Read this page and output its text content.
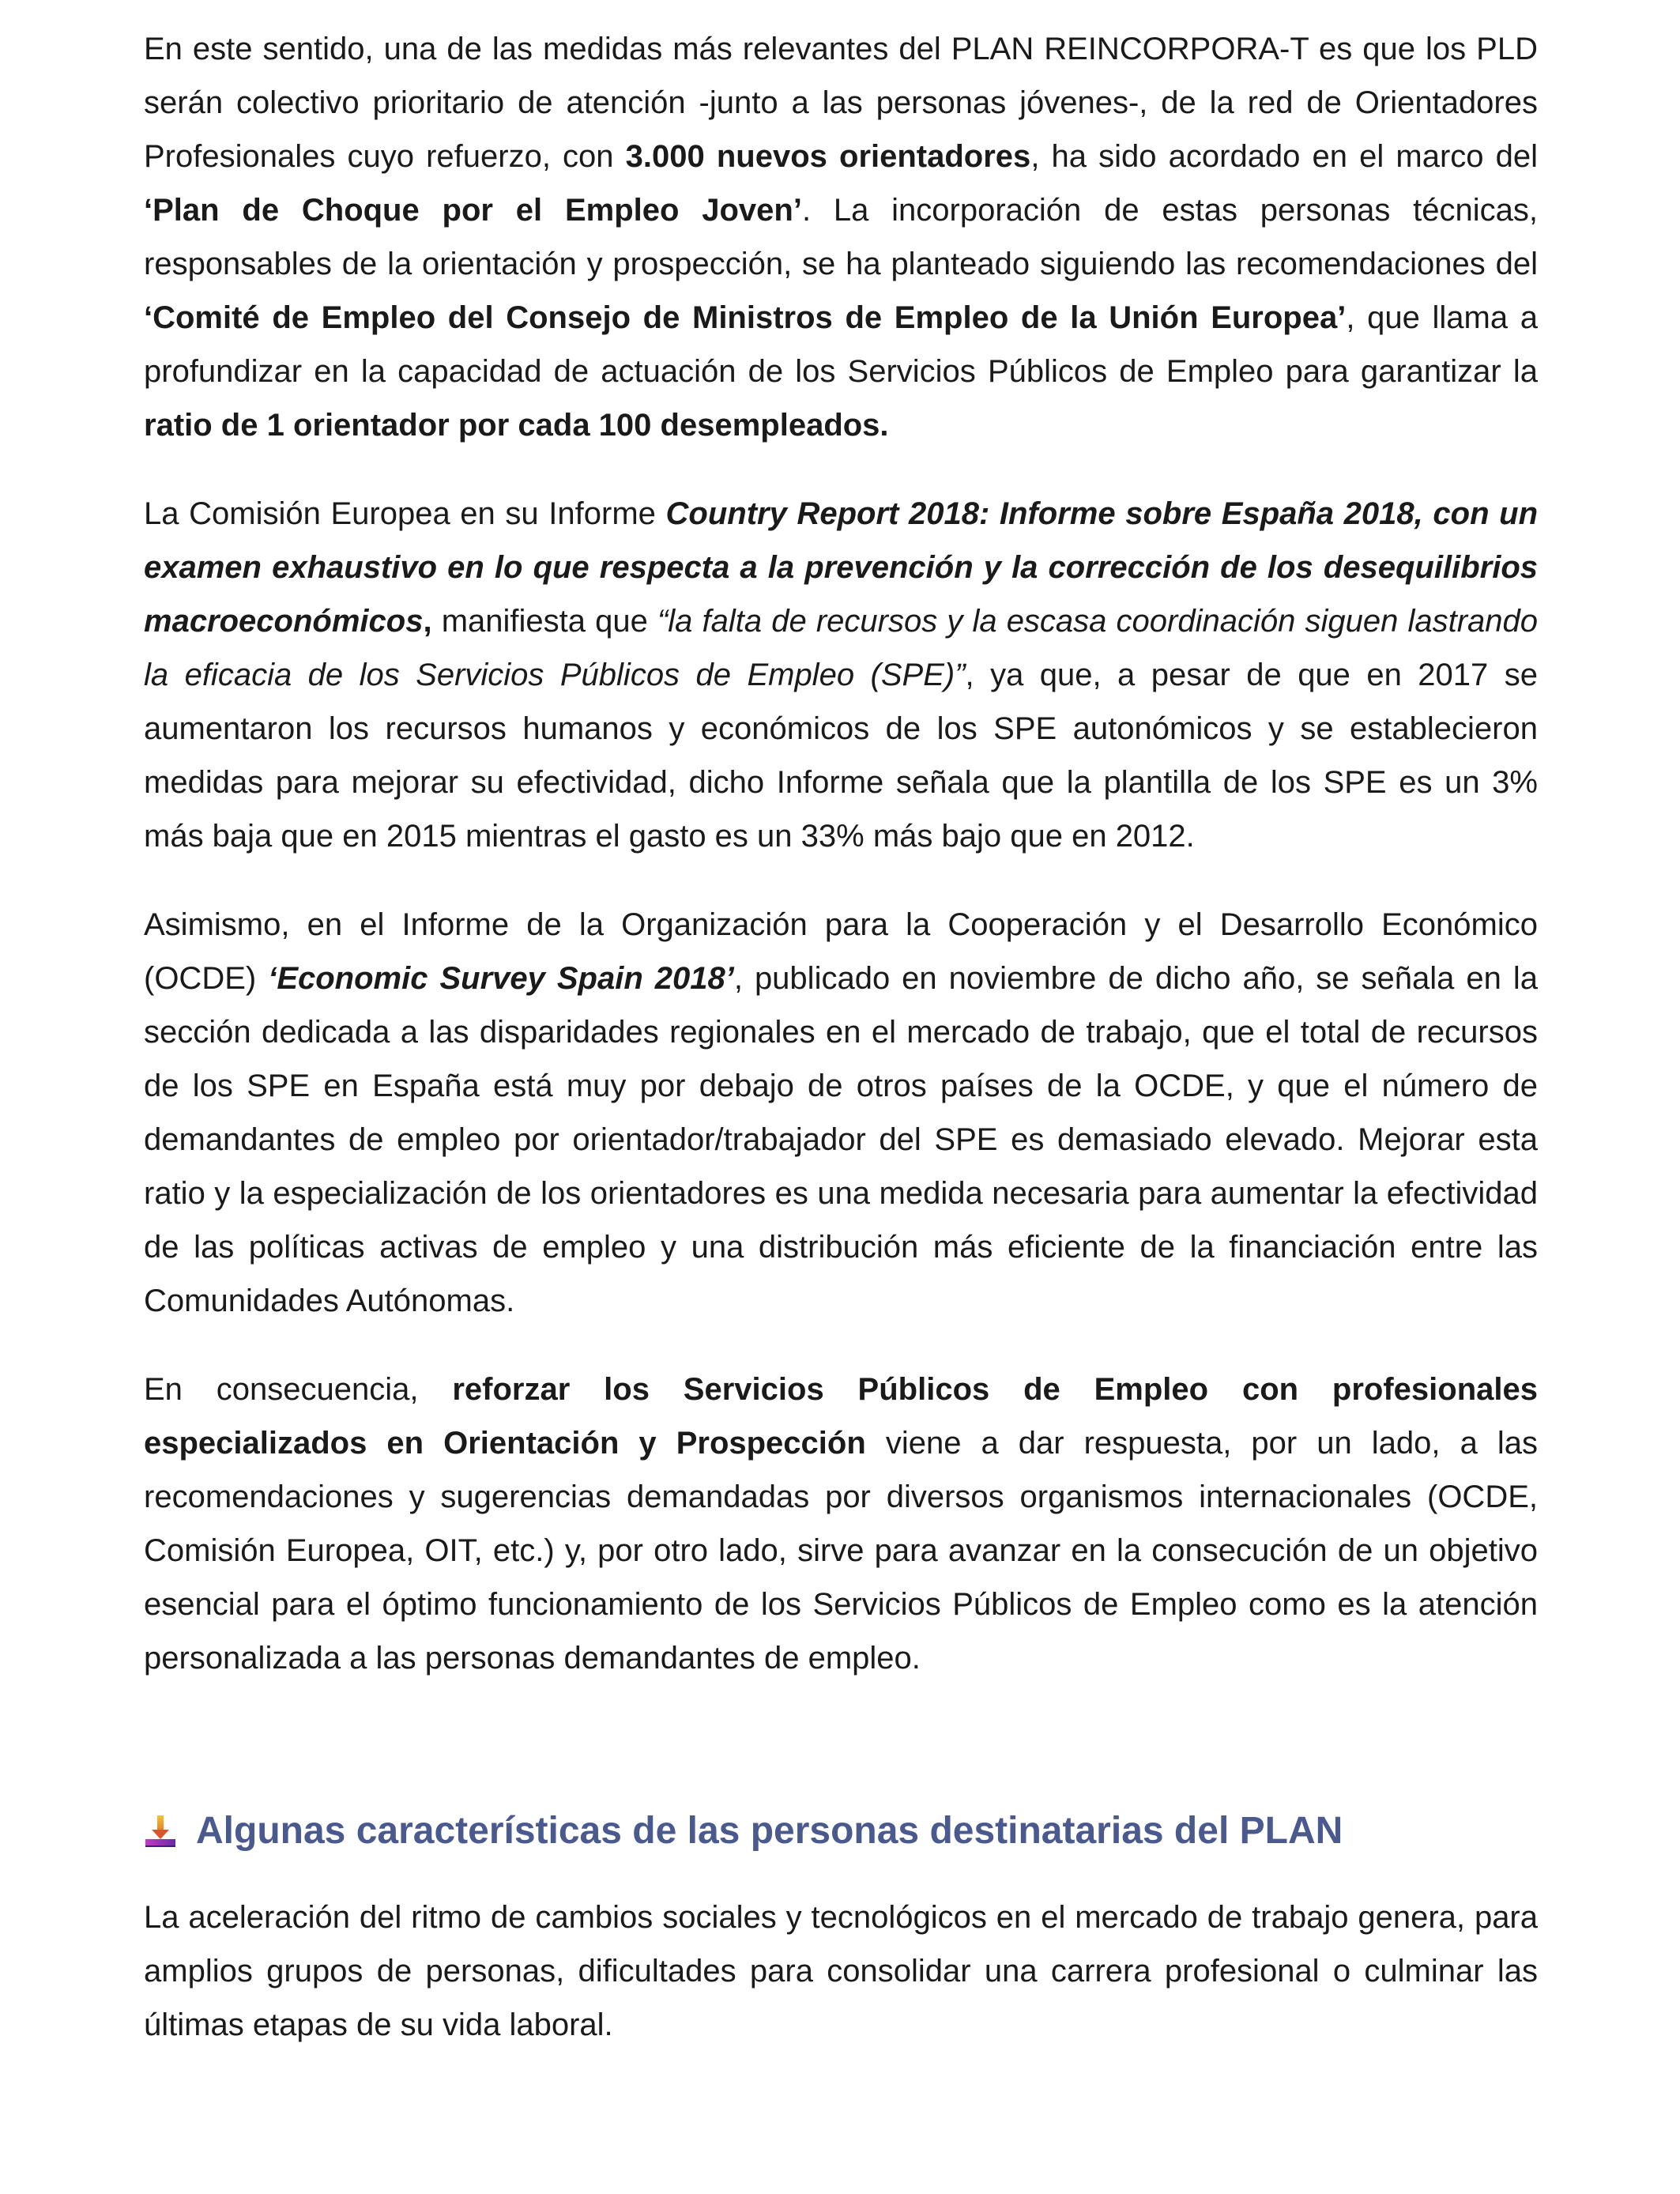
En este sentido, una de las medidas más relevantes del PLAN REINCORPORA-T es que los PLD serán colectivo prioritario de atención -junto a las personas jóvenes-, de la red de Orientadores Profesionales cuyo refuerzo, con 3.000 nuevos orientadores, ha sido acordado en el marco del ‘Plan de Choque por el Empleo Joven’. La incorporación de estas personas técnicas, responsables de la orientación y prospección, se ha planteado siguiendo las recomendaciones del ‘Comité de Empleo del Consejo de Ministros de Empleo de la Unión Europea’, que llama a profundizar en la capacidad de actuación de los Servicios Públicos de Empleo para garantizar la ratio de 1 orientador por cada 100 desempleados.

La Comisión Europea en su Informe Country Report 2018: Informe sobre España 2018, con un examen exhaustivo en lo que respecta a la prevención y la corrección de los desequilibrios macroeconómicos, manifiesta que “la falta de recursos y la escasa coordinación siguen lastrando la eficacia de los Servicios Públicos de Empleo (SPE)”, ya que, a pesar de que en 2017 se aumentaron los recursos humanos y económicos de los SPE autonómicos y se establecieron medidas para mejorar su efectividad, dicho Informe señala que la plantilla de los SPE es un 3% más baja que en 2015 mientras el gasto es un 33% más bajo que en 2012.

Asimismo, en el Informe de la Organización para la Cooperación y el Desarrollo Económico (OCDE) ‘Economic Survey Spain 2018’, publicado en noviembre de dicho año, se señala en la sección dedicada a las disparidades regionales en el mercado de trabajo, que el total de recursos de los SPE en España está muy por debajo de otros países de la OCDE, y que el número de demandantes de empleo por orientador/trabajador del SPE es demasiado elevado. Mejorar esta ratio y la especialización de los orientadores es una medida necesaria para aumentar la efectividad de las políticas activas de empleo y una distribución más eficiente de la financiación entre las Comunidades Autónomas.

En consecuencia, reforzar los Servicios Públicos de Empleo con profesionales especializados en Orientación y Prospección viene a dar respuesta, por un lado, a las recomendaciones y sugerencias demandadas por diversos organismos internacionales (OCDE, Comisión Europea, OIT, etc.) y, por otro lado, sirve para avanzar en la consecución de un objetivo esencial para el óptimo funcionamiento de los Servicios Públicos de Empleo como es la atención personalizada a las personas demandantes de empleo.

Algunas características de las personas destinatarias del PLAN

La aceleración del ritmo de cambios sociales y tecnológicos en el mercado de trabajo genera, para amplios grupos de personas, dificultades para consolidar una carrera profesional o culminar las últimas etapas de su vida laboral.
